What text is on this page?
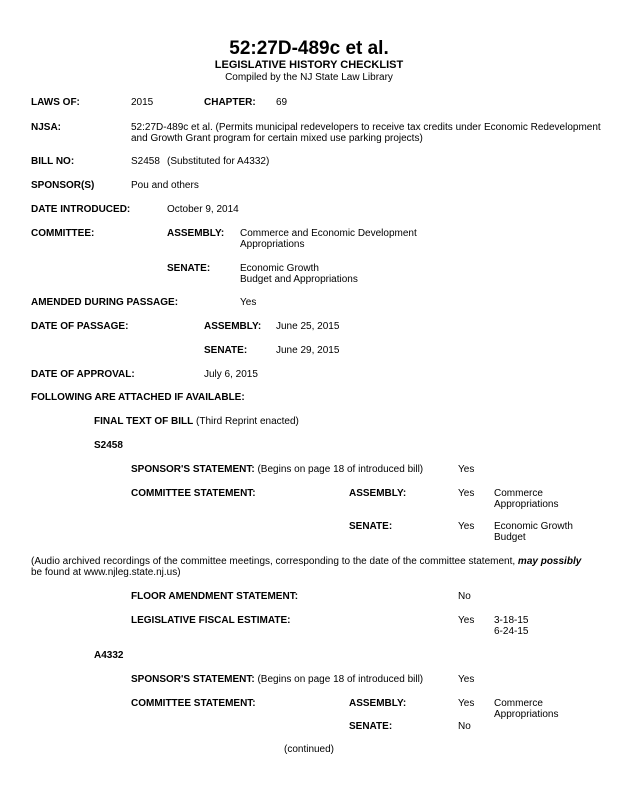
52:27D-489c et al.
LEGISLATIVE HISTORY CHECKLIST
Compiled by the NJ State Law Library
LAWS OF:	2015	CHAPTER: 69
NJSA:	52:27D-489c et al. (Permits municipal redevelopers to receive tax credits under Economic Redevelopment
and Growth Grant program for certain mixed use parking projects)
BILL NO:	S2458 (Substituted for A4332)
SPONSOR(S)	Pou and others
DATE INTRODUCED:	October 9, 2014
COMMITTEE:	ASSEMBLY: Commerce and Economic Development
Appropriations
SENATE:	Economic Growth
Budget and Appropriations
AMENDED DURING PASSAGE:	Yes
DATE OF PASSAGE:	ASSEMBLY: June 25, 2015
SENATE:	June 29, 2015
DATE OF APPROVAL:	July 6, 2015
FOLLOWING ARE ATTACHED IF AVAILABLE:
FINAL TEXT OF BILL (Third Reprint enacted)
S2458
SPONSOR'S STATEMENT: (Begins on page 18 of introduced bill)	Yes
COMMITTEE STATEMENT:	ASSEMBLY:	Yes Commerce
Appropriations
SENATE:	Yes Economic Growth
Budget
(Audio archived recordings of the committee meetings, corresponding to the date of the committee statement, may possibly
be found at www.njleg.state.nj.us)
FLOOR AMENDMENT STATEMENT:	No
LEGISLATIVE FISCAL ESTIMATE:	Yes 3-18-15
6-24-15
A4332
SPONSOR'S STATEMENT: (Begins on page 18 of introduced bill)	Yes
COMMITTEE STATEMENT:	ASSEMBLY:	Yes Commerce
Appropriations
SENATE:	No
(continued)
